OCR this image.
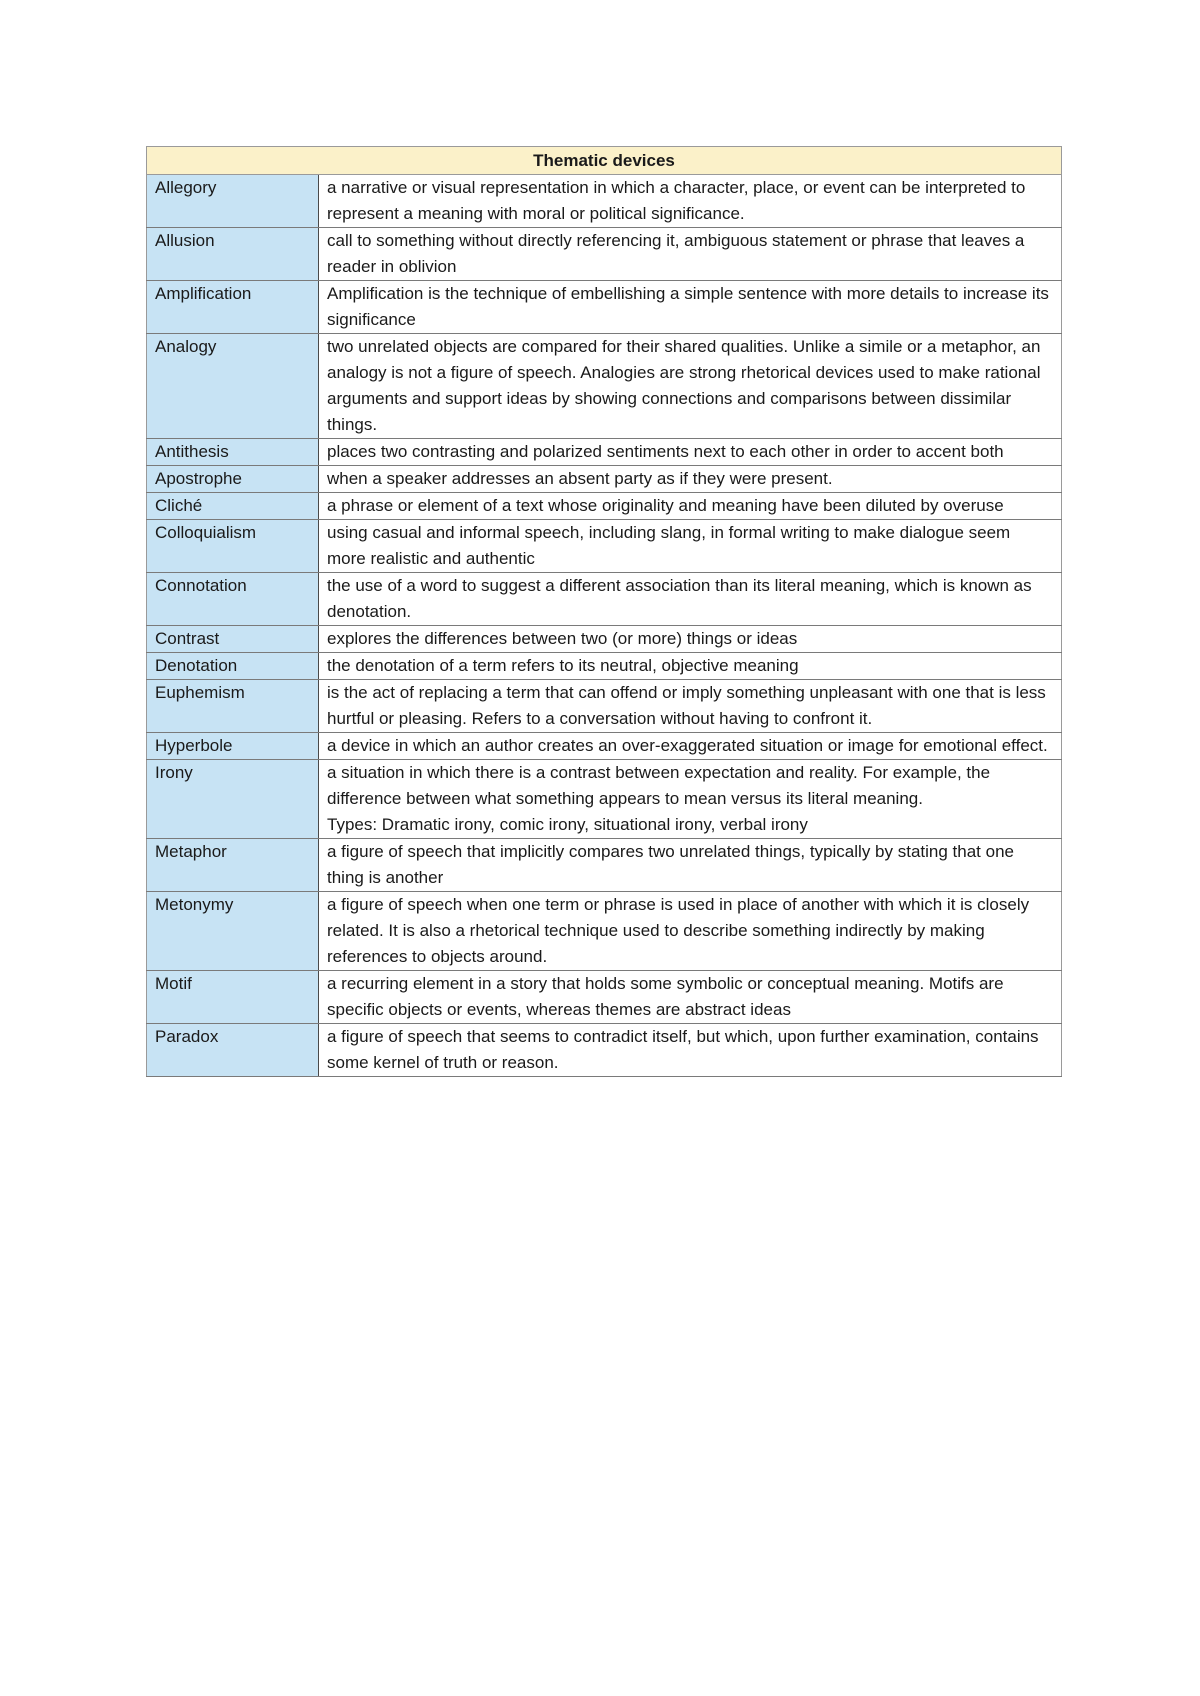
Thematic devices	
Allegory	a narrative or visual representation in which a character, place, or event can be interpreted to represent a meaning with moral or political significance.

Allusion	call to something without directly referencing it, ambiguous statement or phrase that leaves a reader in oblivion

Amplification	Amplification is the technique of embellishing a simple sentence with more details to increase its significance

Analogy	two unrelated objects are compared for their shared qualities. Unlike a simile or a metaphor, an analogy is not a figure of speech. Analogies are strong rhetorical devices used to make rational arguments and support ideas by showing connections and comparisons between dissimilar things.

Antithesis	places two contrasting and polarized sentiments next to each other in order to accent both

Apostrophe	when a speaker addresses an absent party as if they were present.

Cliché	a phrase or element of a text whose originality and meaning have been diluted by overuse

Colloquialism	using casual and informal speech, including slang, in formal writing to make dialogue seem more realistic and authentic

Connotation	the use of a word to suggest a different association than its literal meaning, which is known as denotation.

Contrast	explores the differences between two (or more) things or ideas

Denotation	the denotation of a term refers to its neutral, objective meaning

Euphemism	is the act of replacing a term that can offend or imply something unpleasant with one that is less hurtful or pleasing. Refers to a conversation without having to confront it.

Hyperbole	a device in which an author creates an over-exaggerated situation or image for emotional effect.

Irony	a situation in which there is a contrast between expectation and reality. For example, the difference between what something appears to mean versus its literal meaning.
Types: Dramatic irony, comic irony, situational irony, verbal irony

Metaphor	a figure of speech that implicitly compares two unrelated things, typically by stating that one thing is another

Metonymy	a figure of speech when one term or phrase is used in place of another with which it is closely related. It is also a rhetorical technique used to describe something indirectly by making references to objects around.

Motif	a recurring element in a story that holds some symbolic or conceptual meaning. Motifs are specific objects or events, whereas themes are abstract ideas

Paradox	a figure of speech that seems to contradict itself, but which, upon further examination, contains some kernel of truth or reason.
